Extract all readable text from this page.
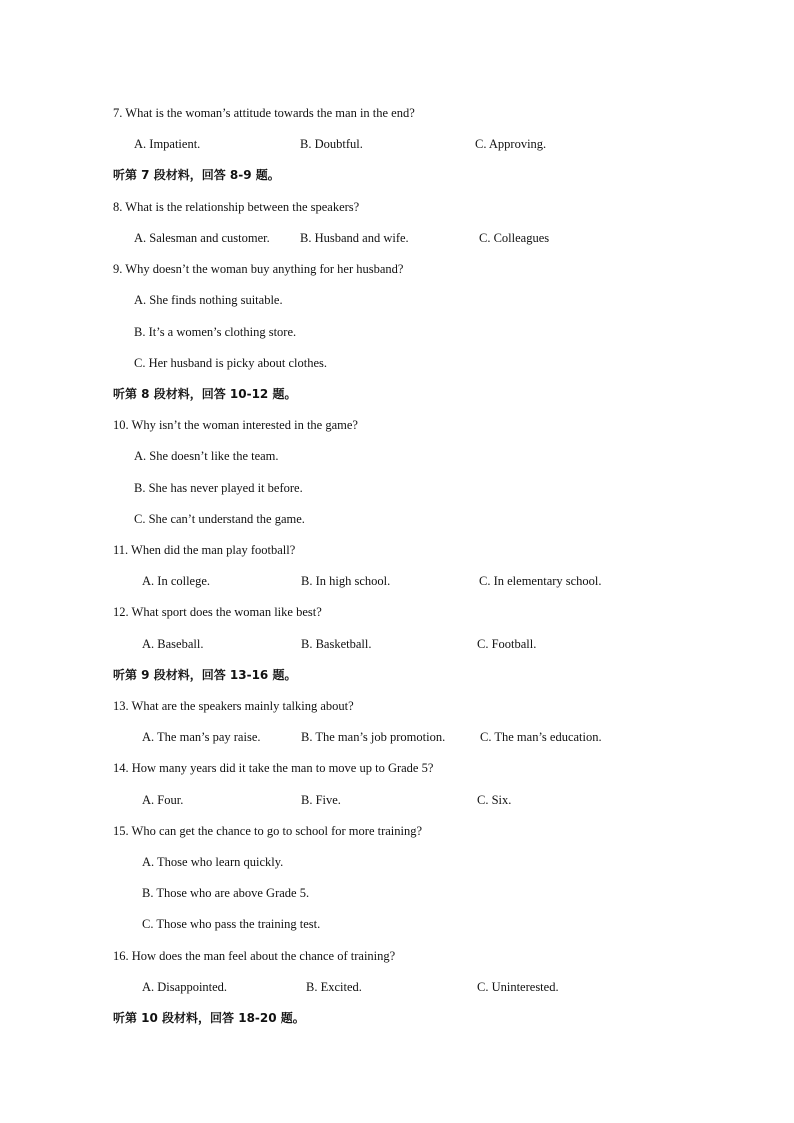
7. What is the woman’s attitude towards the man in the end?
A. Impatient.	B. Doubtful.	C. Approving.
听第 7 段材料，回答 8-9 题。
8. What is the relationship between the speakers?
A. Salesman and customer. B. Husband and wife.	C. Colleagues
9. Why doesn’t the woman buy anything for her husband?
A. She finds nothing suitable.
B. It’s a women’s clothing store.
C. Her husband is picky about clothes.
听第 8 段材料，回答 10-12 题。
10. Why isn’t the woman interested in the game?
A. She doesn’t like the team.
B. She has never played it before.
C. She can’t understand the game.
11. When did the man play football?
A. In college.	B. In high school.	C. In elementary school.
12. What sport does the woman like best?
A. Baseball.	B. Basketball.	C. Football.
听第 9 段材料，回答 13-16 题。
13. What are the speakers mainly talking about?
A. The man’s pay raise.	B. The man’s job promotion.	C. The man’s education.
14. How many years did it take the man to move up to Grade 5?
A. Four.	B. Five.	C. Six.
15. Who can get the chance to go to school for more training?
A. Those who learn quickly.
B. Those who are above Grade 5.
C. Those who pass the training test.
16. How does the man feel about the chance of training?
A. Disappointed.	B. Excited.	C. Uninterested.
听第 10 段材料，回答 18-20 题。
